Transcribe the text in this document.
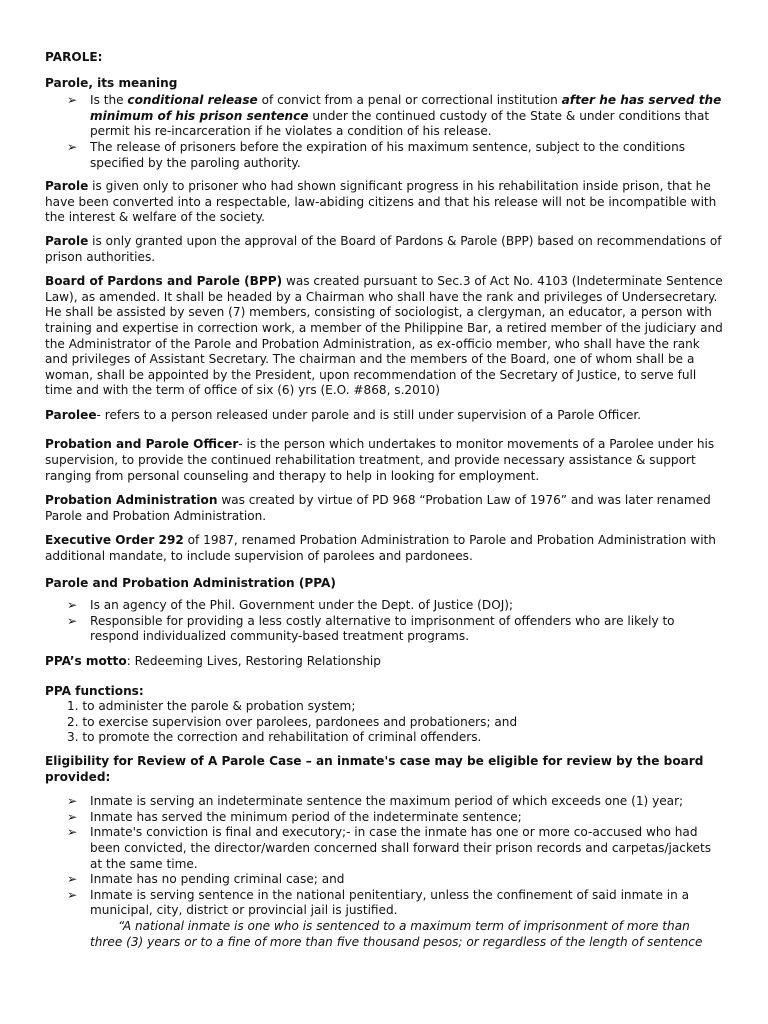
PAROLE:

Parole, its meaning

➢	Is the conditional release of convict from a penal or correctional institution after he has served the minimum of his prison sentence under the continued custody of the State & under conditions that permit his re-incarceration if he violates a condition of his release.
➢	The release of prisoners before the expiration of his maximum sentence, subject to the conditions specified by the paroling authority.

Parole is given only to prisoner who had shown significant progress in his rehabilitation inside prison, that he have been converted into a respectable, law-abiding citizens and that his release will not be incompatible with the interest & welfare of the society.

Parole is only granted upon the approval of the Board of Pardons & Parole (BPP) based on recommendations of prison authorities.

Board of Pardons and Parole (BPP) was created pursuant to Sec.3 of Act No. 4103 (Indeterminate Sentence Law), as amended. It shall be headed by a Chairman who shall have the rank and privileges of Undersecretary. He shall be assisted by seven (7) members, consisting of sociologist, a clergyman, an educator, a person with training and expertise in correction work, a member of the Philippine Bar, a retired member of the judiciary and the Administrator of the Parole and Probation Administration, as ex-officio member, who shall have the rank and privileges of Assistant Secretary. The chairman and the members of the Board, one of whom shall be a woman, shall be appointed by the President, upon recommendation of the Secretary of Justice, to serve full time and with the term of office of six (6) yrs (E.O. #868, s.2010)

Parolee- refers to a person released under parole and is still under supervision of a Parole Officer.

Probation and Parole Officer- is the person which undertakes to monitor movements of a Parolee under his supervision, to provide the continued rehabilitation treatment, and provide necessary assistance & support ranging from personal counseling and therapy to help in looking for employment.

Probation Administration was created by virtue of PD 968 “Probation Law of 1976” and was later renamed Parole and Probation Administration.

Executive Order 292 of 1987, renamed Probation Administration to Parole and Probation Administration with additional mandate, to include supervision of parolees and pardonees.

Parole and Probation Administration (PPA)

➢	Is an agency of the Phil. Government under the Dept. of Justice (DOJ);
➢	Responsible for providing a less costly alternative to imprisonment of offenders who are likely to respond individualized community-based treatment programs.

PPA’s motto: Redeeming Lives, Restoring Relationship

PPA functions:

1. to administer the parole & probation system;
2. to exercise supervision over parolees, pardonees and probationers; and
3. to promote the correction and rehabilitation of criminal offenders.

Eligibility for Review of A Parole Case – an inmate's case may be eligible for review by the board provided:

➢	Inmate is serving an indeterminate sentence the maximum period of which exceeds one (1) year;
➢	Inmate has served the minimum period of the indeterminate sentence;
➢	Inmate's conviction is final and executory;- in case the inmate has one or more co-accused who had been convicted, the director/warden concerned shall forward their prison records and carpetas/jackets at the same time.
➢	Inmate has no pending criminal case; and
➢	Inmate is serving sentence in the national penitentiary, unless the confinement of said inmate in a municipal, city, district or provincial jail is justified.

“A national inmate is one who is sentenced to a maximum term of imprisonment of more than three (3) years or to a fine of more than five thousand pesos; or regardless of the length of sentence
